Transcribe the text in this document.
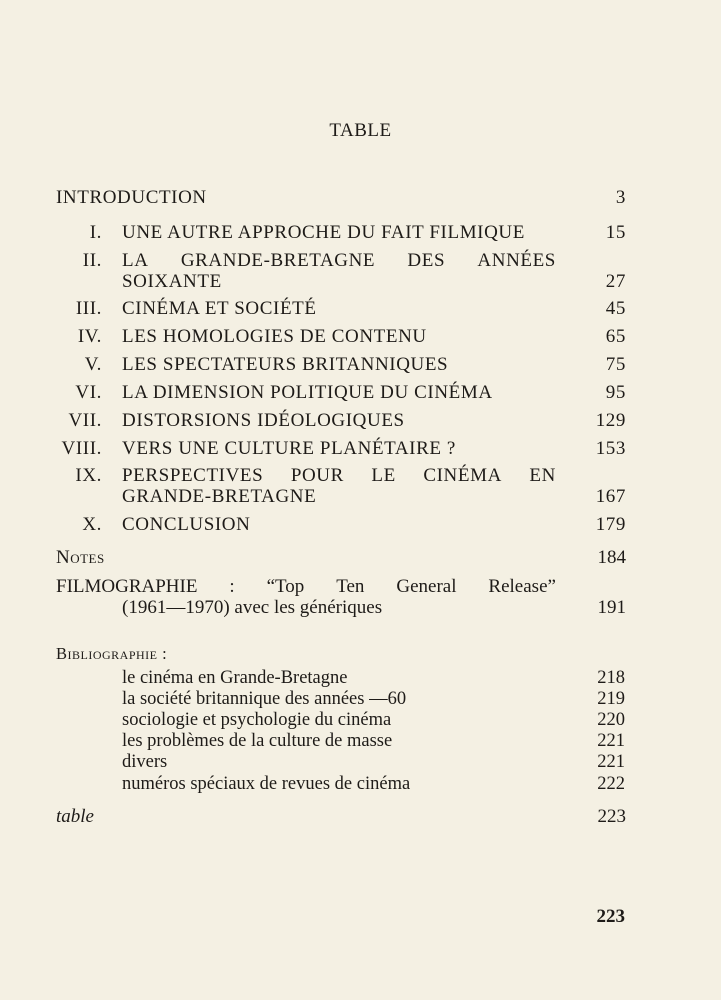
TABLE
INTRODUCTION	3
I. UNE AUTRE APPROCHE DU FAIT FILMIQUE	15
II. LA GRANDE-BRETAGNE DES ANNÉES
SOIXANTE	27
III. CINÉMA ET SOCIÉTÉ	45
IV. LES HOMOLOGIES DE CONTENU	65
V. LES SPECTATEURS BRITANNIQUES	75
VI. LA DIMENSION POLITIQUE DU CINÉMA	95
VII. DISTORSIONS IDÉOLOGIQUES	129
VIII. VERS UNE CULTURE PLANÉTAIRE ?	153
IX. PERSPECTIVES POUR LE CINÉMA EN
GRANDE-BRETAGNE	167
X. CONCLUSION	179
Notes	184
FILMOGRAPHIE : “Top Ten General Release”
(1961—1970) avec les génériques	191
Bibliographie :
le cinéma en Grande-Bretagne	218
la société britannique des années —60	219
sociologie et psychologie du cinéma	220
les problèmes de la culture de masse	221
divers	221
numéros spéciaux de revues de cinéma	222
table	223
223
